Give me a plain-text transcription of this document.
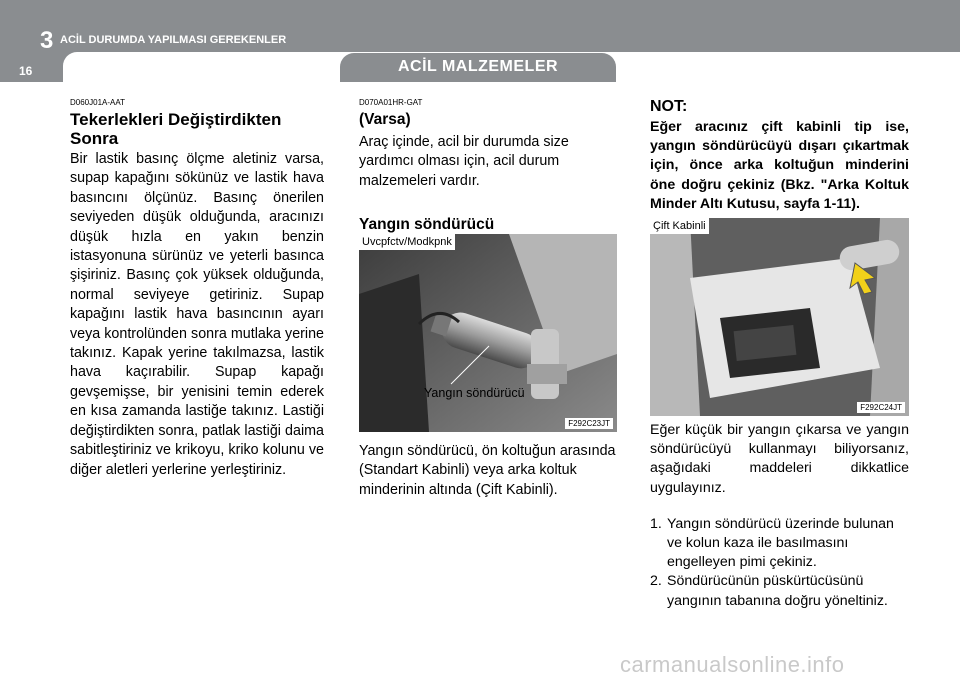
3 ACİL DURUMDA YAPILMASI GEREKENLER
16	ACİL MALZEMELER
D060J01A-AAT
Tekerlekleri Değiştirdikten Sonra

Bir lastik basınç ölçme aletiniz varsa, supap kapağını sökünüz ve lastik hava basıncını ölçünüz. Basınç önerilen seviyeden düşük olduğunda, aracınızı düşük hızla en yakın benzin istasyonuna sürünüz ve yeterli basınca şişiriniz. Basınç çok yüksek olduğunda, normal seviyeye getiriniz. Supap kapağını lastik hava basıncının ayarı veya kontrolünden sonra mutlaka yerine takınız. Kapak yerine takılmazsa, lastik hava kaçırabilir. Supap kapağı gevşemişse, bir yenisini temin ederek en kısa zamanda lastiğe takınız. Lastiği değiştirdikten sonra, patlak lastiği daima sabitleştiriniz ve krikoyu, kriko kolunu ve diğer aletleri yerlerine yerleştiriniz.

D070A01HR-GAT
(Varsa)

Araç içinde, acil bir durumda size yardımcı olması için, acil durum malzemeleri vardır.

Yangın söndürücü
Uvcpfctv/Modkpnk
Yangın söndürücü
F292C23JT
Yangın söndürücü, ön koltuğun arasında (Standart Kabinli) veya arka koltuk minderinin altında (Çift Kabinli).
NOT:

Eğer aracınız çift kabinli tip ise, yangın söndürücüyü dışarı çıkartmak için, önce arka koltuğun minderini öne doğru çekiniz (Bkz. "Arka Koltuk Minder Altı Kutusu, sayfa 1-11).

Çift Kabinli
F292C24JT

Eğer küçük bir yangın çıkarsa ve yangın söndürücüyü kullanmayı biliyorsanız, aşağıdaki maddeleri dikkatlice uygulayınız.

1. Yangın söndürücü üzerinde bulunan ve kolun kaza ile basılmasını engelleyen pimi çekiniz.
2. Söndürücünün püskürtücüsünü yangının tabanına doğru yöneltiniz.
carmanualsonline.info
